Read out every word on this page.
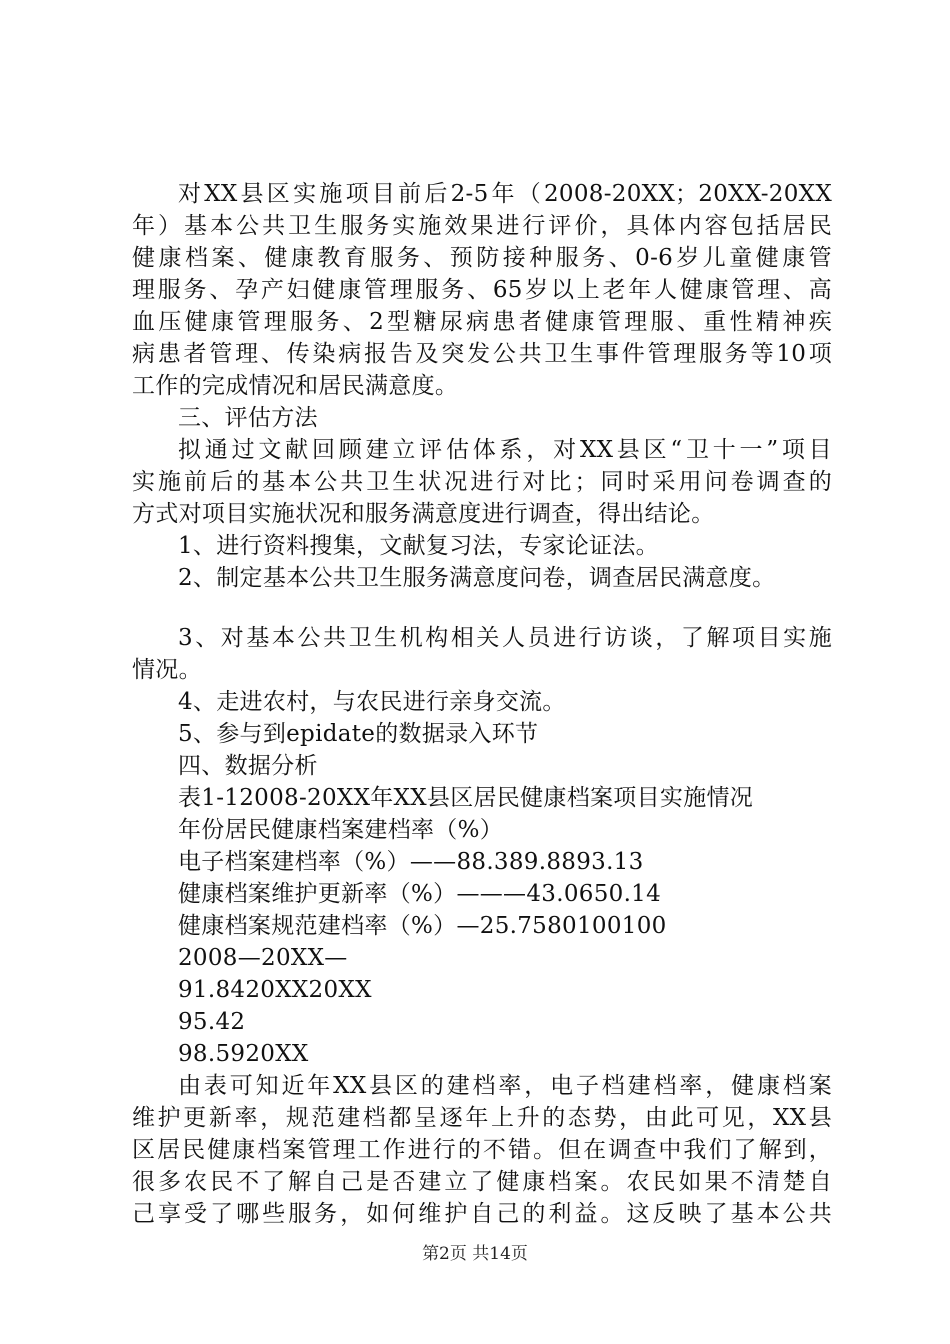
对XX县区实施项目前后2-5年（2008-20XX；20XX-20XX
年）基本公共卫生服务实施效果进行评价，具体内容包括居民
健康档案、健康教育服务、预防接种服务、0-6岁儿童健康管
理服务、孕产妇健康管理服务、65岁以上老年人健康管理、高
血压健康管理服务、2型糖尿病患者健康管理服、重性精神疾
病患者管理、传染病报告及突发公共卫生事件管理服务等10项
工作的完成情况和居民满意度。
三、评估方法
拟通过文献回顾建立评估体系，对XX县区“卫十一”项目
实施前后的基本公共卫生状况进行对比；同时采用问卷调查的
方式对项目实施状况和服务满意度进行调查，得出结论。
1、进行资料搜集，文献复习法，专家论证法。
2、制定基本公共卫生服务满意度问卷，调查居民满意度。
3、对基本公共卫生机构相关人员进行访谈，了解项目实施
情况。
4、走进农村，与农民进行亲身交流。
5、参与到epidate的数据录入环节
四、数据分析
表1-12008-20XX年XX县区居民健康档案项目实施情况
年份居民健康档案建档率（%）
电子档案建档率（%）——88.389.8893.13
健康档案维护更新率（%）———43.0650.14
健康档案规范建档率（%）—25.7580100100
2008—20XX—
91.8420XX20XX
95.42
98.5920XX
由表可知近年XX县区的建档率，电子档建档率，健康档案
维护更新率，规范建档都呈逐年上升的态势，由此可见，XX县
区居民健康档案管理工作进行的不错。但在调查中我们了解到，
很多农民不了解自己是否建立了健康档案。农民如果不清楚自
己享受了哪些服务，如何维护自己的利益。这反映了基本公共
第2页 共14页
